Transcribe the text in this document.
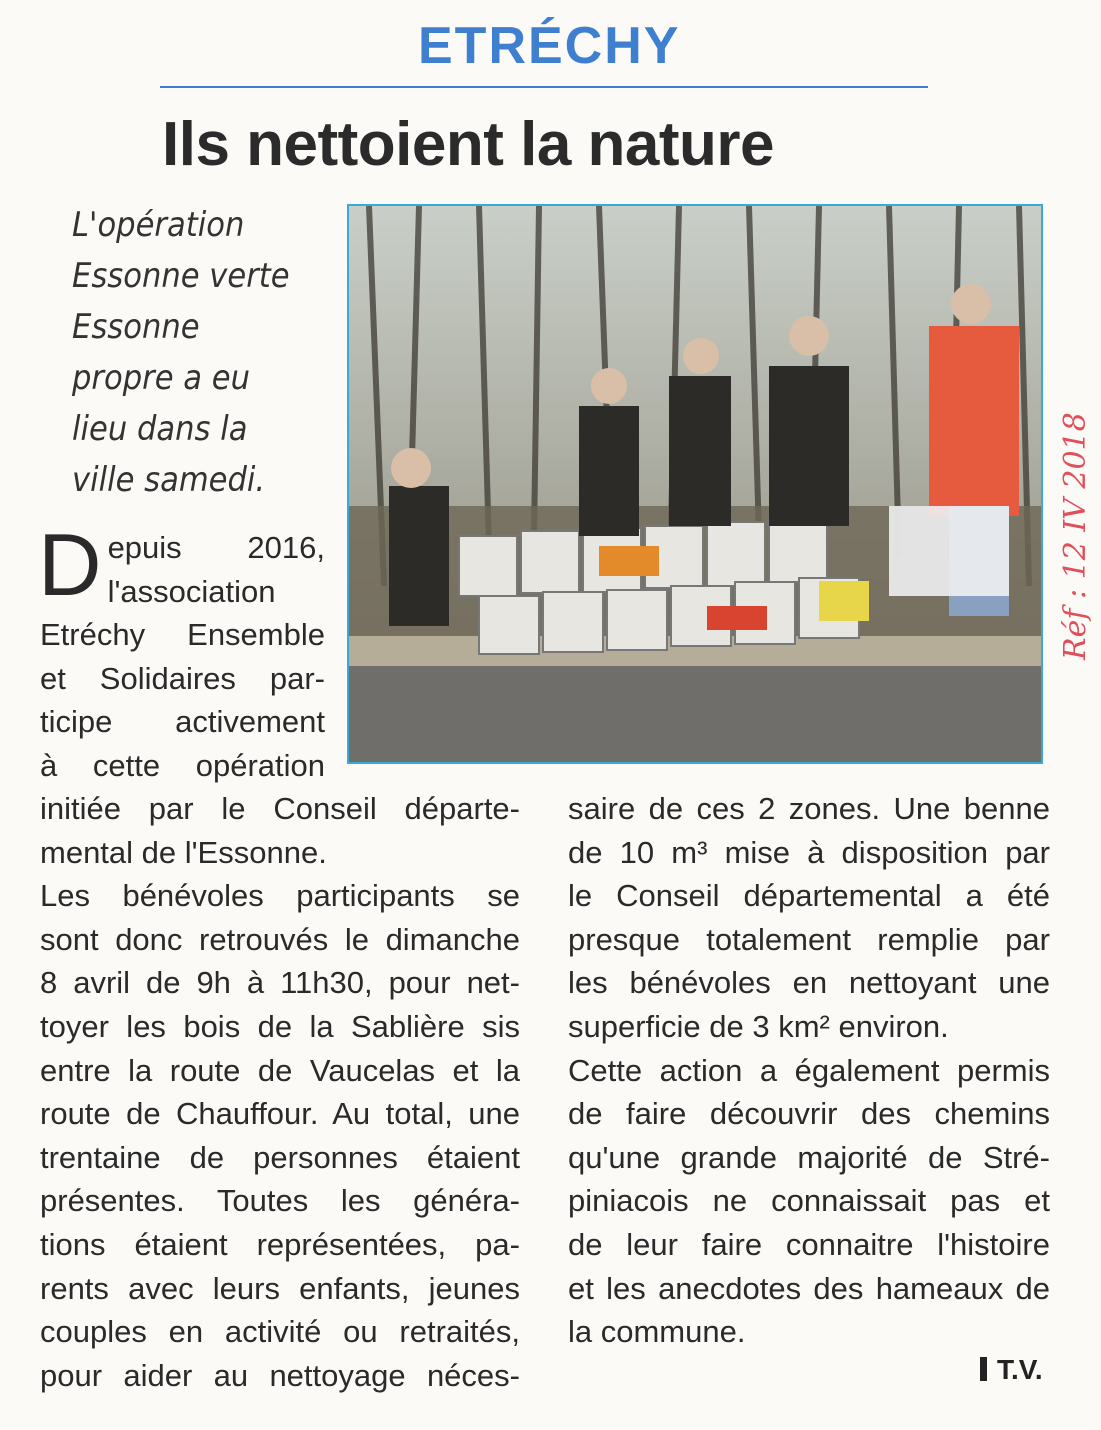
ETRÉCHY
Ils nettoient la nature
L'opération
Essonne verte
Essonne
propre a eu
lieu dans la
ville samedi.
D epuis 2016,
l'association
Etréchy Ensemble
et Solidaires par-
ticipe activement
à cette opération
initiée par le Conseil départe-
mental de l'Essonne.
Les bénévoles participants se
sont donc retrouvés le dimanche
8 avril de 9h à 11h30, pour net-
toyer les bois de la Sablière sis
entre la route de Vaucelas et la
route de Chauffour. Au total, une
trentaine de personnes étaient
présentes. Toutes les généra-
tions étaient représentées, pa-
rents avec leurs enfants, jeunes
couples en activité ou retraités,
pour aider au nettoyage néces-
saire de ces 2 zones. Une benne
de 10 m³ mise à disposition par
le Conseil départemental a été
presque totalement remplie par
les bénévoles en nettoyant une
superficie de 3 km² environ.
Cette action a également permis
de faire découvrir des chemins
qu'une grande majorité de Stré-
piniacois ne connaissait pas et
de leur faire connaitre l'histoire
et les anecdotes des hameaux de
la commune.
T.V.
Réf : 12 IV 2018
